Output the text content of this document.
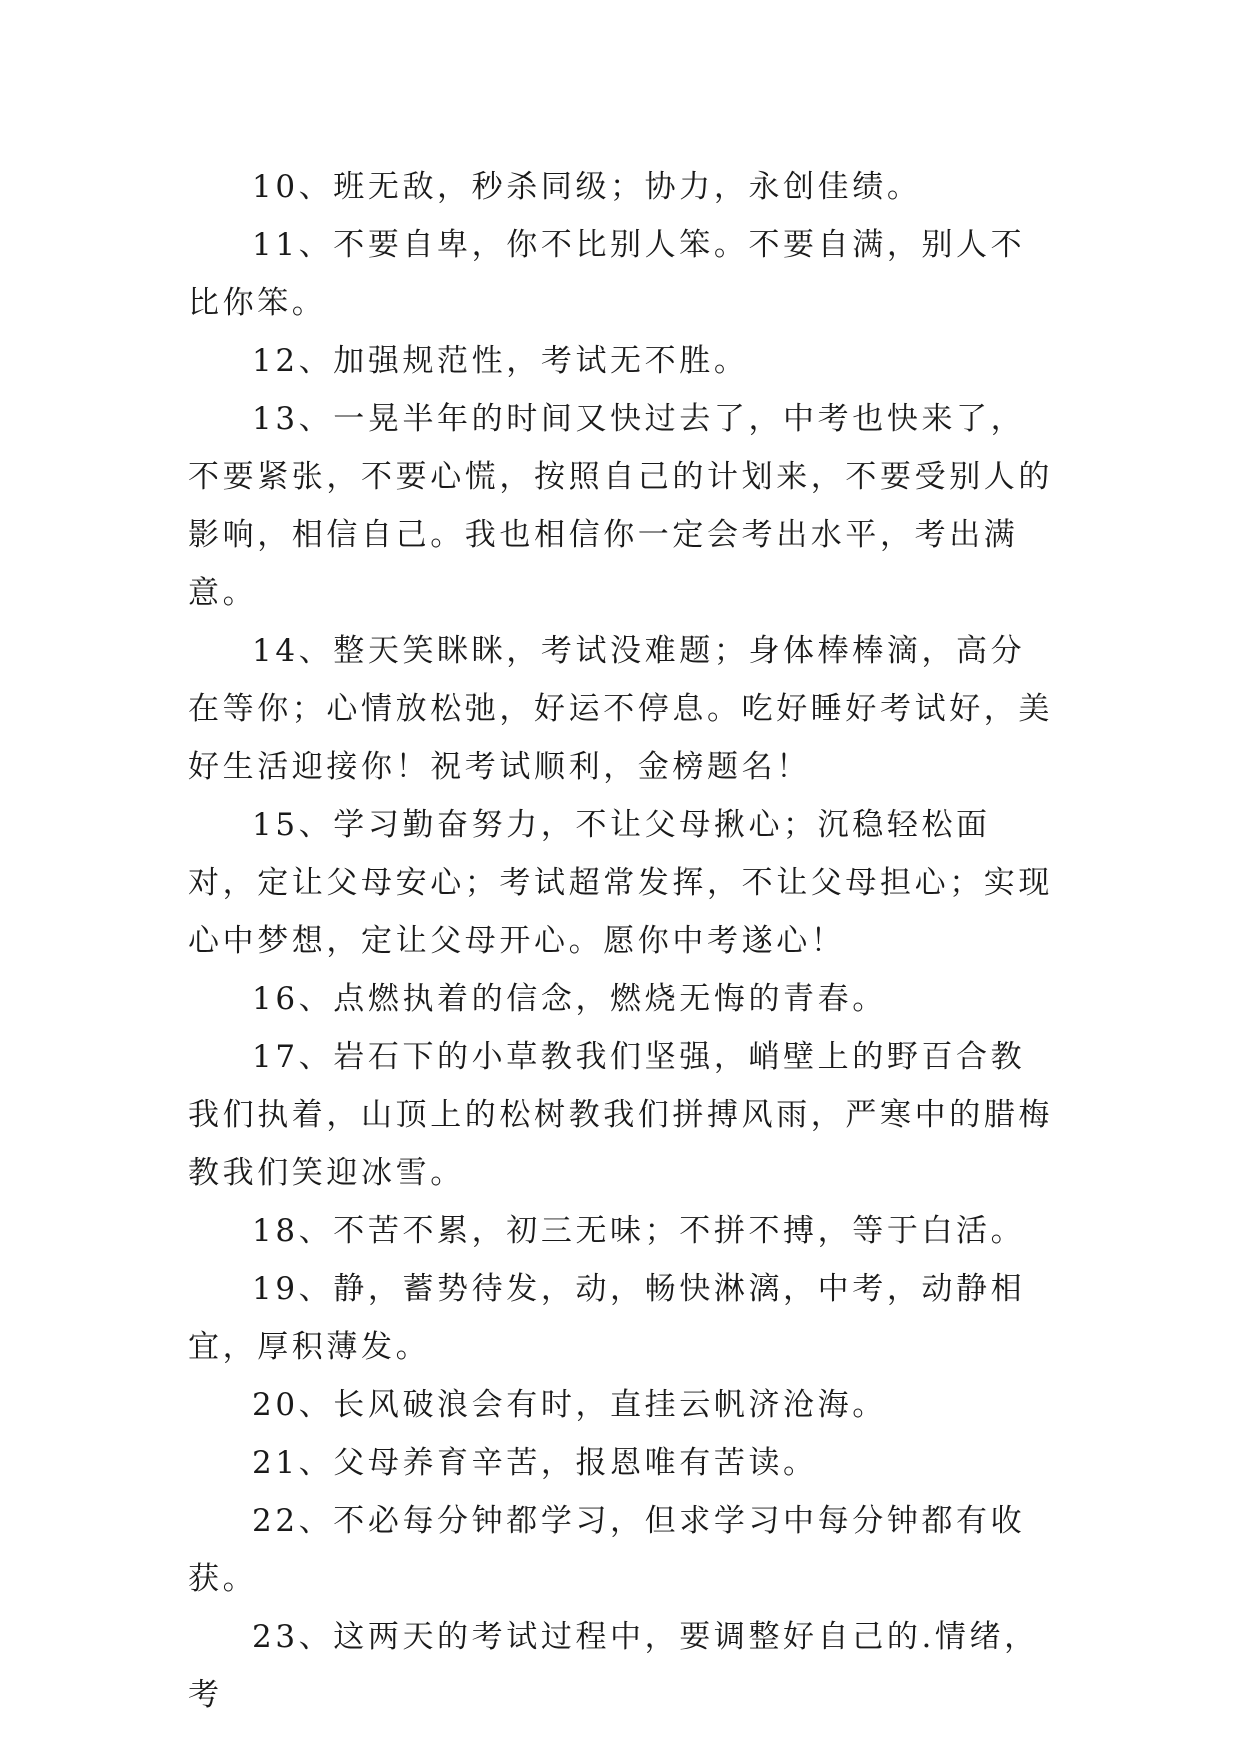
10、班无敌，秒杀同级；协力，永创佳绩。

11、不要自卑，你不比别人笨。不要自满，别人不比你笨。

12、加强规范性，考试无不胜。

13、一晃半年的时间又快过去了，中考也快来了，不要紧张，不要心慌，按照自己的计划来，不要受别人的影响，相信自己。我也相信你一定会考出水平，考出满意。

14、整天笑眯眯，考试没难题；身体棒棒滴，高分在等你；心情放松弛，好运不停息。吃好睡好考试好，美好生活迎接你！祝考试顺利，金榜题名！

15、学习勤奋努力，不让父母揪心；沉稳轻松面对，定让父母安心；考试超常发挥，不让父母担心；实现心中梦想，定让父母开心。愿你中考遂心！

16、点燃执着的信念，燃烧无悔的青春。

17、岩石下的小草教我们坚强，峭壁上的野百合教我们执着，山顶上的松树教我们拼搏风雨，严寒中的腊梅教我们笑迎冰雪。

18、不苦不累，初三无味；不拼不搏，等于白活。

19、静，蓄势待发，动，畅快淋漓，中考，动静相宜，厚积薄发。

20、长风破浪会有时，直挂云帆济沧海。

21、父母养育辛苦，报恩唯有苦读。

22、不必每分钟都学习，但求学习中每分钟都有收获。

23、这两天的考试过程中，要调整好自己的.情绪，考
